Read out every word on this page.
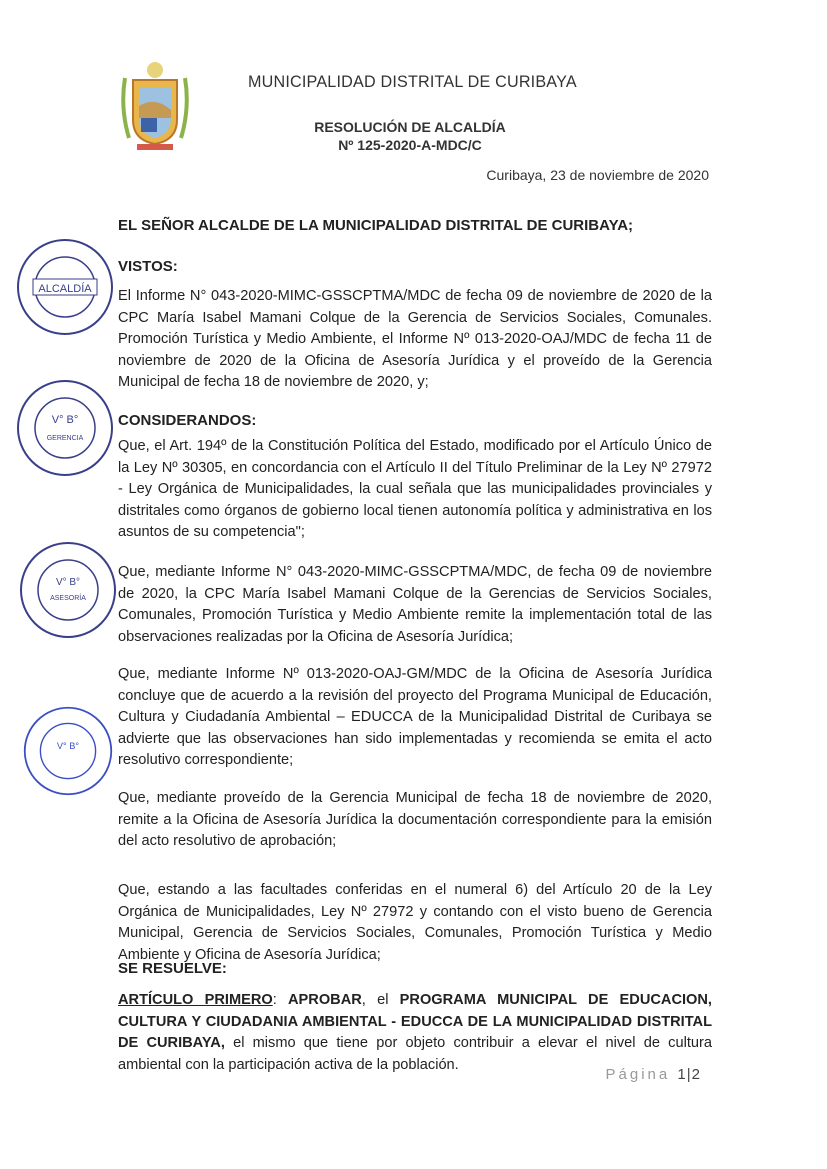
MUNICIPALIDAD DISTRITAL DE CURIBAYA
RESOLUCIÓN DE ALCALDÍA
Nº 125-2020-A-MDC/C
Curibaya, 23 de noviembre de 2020
EL SEÑOR ALCALDE DE LA MUNICIPALIDAD DISTRITAL DE CURIBAYA;
VISTOS:
El Informe N° 043-2020-MIMC-GSSCPTMA/MDC de fecha 09 de noviembre de 2020 de la CPC María Isabel Mamani Colque de la Gerencia de Servicios Sociales, Comunales. Promoción Turística y Medio Ambiente, el Informe Nº 013-2020-OAJ/MDC de fecha 11 de noviembre de 2020 de la Oficina de Asesoría Jurídica y el proveído de la Gerencia Municipal de fecha 18 de noviembre de 2020, y;
CONSIDERANDOS:
Que, el Art. 194º de la Constitución Política del Estado, modificado por el Artículo Único de la Ley Nº 30305, en concordancia con el Artículo II del Título Preliminar de la Ley Nº 27972 - Ley Orgánica de Municipalidades, la cual señala que las municipalidades provinciales y distritales como órganos de gobierno local tienen autonomía política y administrativa en los asuntos de su competencia";
Que, mediante Informe N° 043-2020-MIMC-GSSCPTMA/MDC, de fecha 09 de noviembre de 2020, la CPC María Isabel Mamani Colque de la Gerencias de Servicios Sociales, Comunales, Promoción Turística y Medio Ambiente remite la implementación total de las observaciones realizadas por la Oficina de Asesoría Jurídica;
Que, mediante Informe Nº 013-2020-OAJ-GM/MDC de la Oficina de Asesoría Jurídica concluye que de acuerdo a la revisión del proyecto del Programa Municipal de Educación, Cultura y Ciudadanía Ambiental – EDUCCA de la Municipalidad Distrital de Curibaya se advierte que las observaciones han sido implementadas y recomienda se emita el acto resolutivo correspondiente;
Que, mediante proveído de la Gerencia Municipal de fecha 18 de noviembre de 2020, remite a la Oficina de Asesoría Jurídica la documentación correspondiente para la emisión del acto resolutivo de aprobación;
Que, estando a las facultades conferidas en el numeral 6) del Artículo 20 de la Ley Orgánica de Municipalidades, Ley Nº 27972 y contando con el visto bueno de Gerencia Municipal, Gerencia de Servicios Sociales, Comunales, Promoción Turística y Medio Ambiente y Oficina de Asesoría Jurídica;
SE RESUELVE:
ARTÍCULO PRIMERO: APROBAR, el PROGRAMA MUNICIPAL DE EDUCACION, CULTURA Y CIUDADANIA AMBIENTAL - EDUCCA DE LA MUNICIPALIDAD DISTRITAL DE CURIBAYA, el mismo que tiene por objeto contribuir a elevar el nivel de cultura ambiental con la participación activa de la población.
Página 1|2
ALCALDÍA
V° B°
GERENCIA
V° B°
ASESORÍA
V° B°
